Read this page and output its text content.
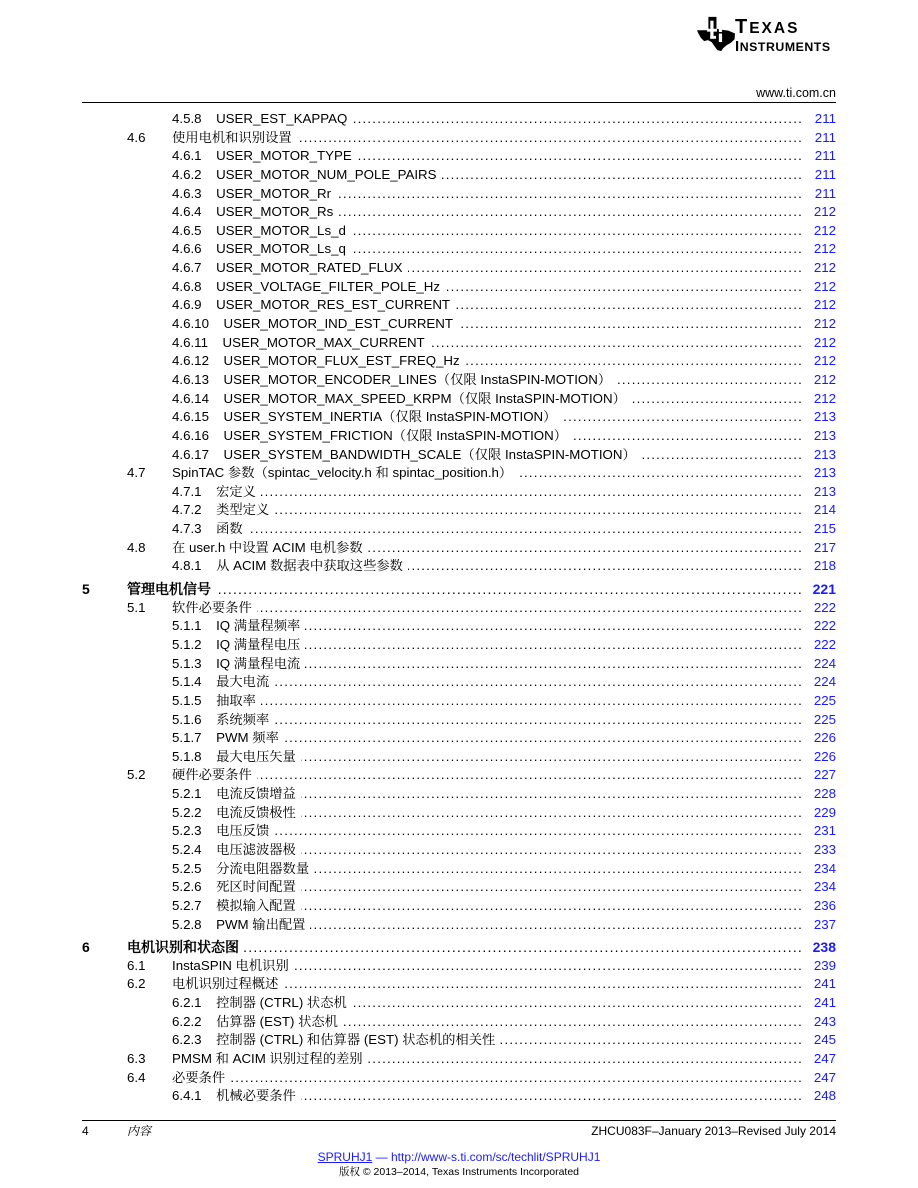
TEXAS
INSTRUMENTS
www.ti.com.cn
4.5.8 USER_EST_KAPPAQ .....	211
4.6	使用电机和识别设置 .....	211
4.6.1 USER_MOTOR_TYPE .....	211
4.6.2 USER_MOTOR_NUM_POLE_PAIRS .....	211
4.6.3 USER_MOTOR_Rr .....	211
4.6.4 USER_MOTOR_Rs .....	212
4.6.5 USER_MOTOR_Ls_d .....	212
4.6.6 USER_MOTOR_Ls_q .....	212
4.6.7 USER_MOTOR_RATED_FLUX .....	212
4.6.8 USER_VOLTAGE_FILTER_POLE_Hz .....	212
4.6.9 USER_MOTOR_RES_EST_CURRENT .....	212
4.6.10 USER_MOTOR_IND_EST_CURRENT .....	212
4.6.11 USER_MOTOR_MAX_CURRENT .....	212
4.6.12 USER_MOTOR_FLUX_EST_FREQ_Hz .....	212
4.6.13 USER_MOTOR_ENCODER_LINES（仅限 InstaSPIN-MOTION） .....	212
4.6.14 USER_MOTOR_MAX_SPEED_KRPM（仅限 InstaSPIN-MOTION） .....	212
4.6.15 USER_SYSTEM_INERTIA（仅限 InstaSPIN-MOTION） .....	213
4.6.16 USER_SYSTEM_FRICTION（仅限 InstaSPIN-MOTION） .....	213
4.6.17 USER_SYSTEM_BANDWIDTH_SCALE（仅限 InstaSPIN-MOTION） .....	213
4.7	SpinTAC 参数（spintac_velocity.h 和 spintac_position.h） .....	213
4.7.1 宏定义 .....	213
4.7.2 类型定义 .....	214
4.7.3 函数 .....	215
4.8	在 user.h 中设置 ACIM 电机参数 .....	217
4.8.1 从 ACIM 数据表中获取这些参数 .....	218
5	管理电机信号 .....	221
5.1	软件必要条件 .....	222
5.1.1 IQ 满量程频率 .....	222
5.1.2 IQ 满量程电压 .....	222
5.1.3 IQ 满量程电流 .....	224
5.1.4 最大电流 .....	224
5.1.5 抽取率 .....	225
5.1.6 系统频率 .....	225
5.1.7 PWM 频率 .....	226
5.1.8 最大电压矢量 .....	226
5.2	硬件必要条件 .....	227
5.2.1 电流反馈增益 .....	228
5.2.2 电流反馈极性 .....	229
5.2.3 电压反馈 .....	231
5.2.4 电压滤波器极 .....	233
5.2.5 分流电阻器数量 .....	234
5.2.6 死区时间配置 .....	234
5.2.7 模拟输入配置 .....	236
5.2.8 PWM 输出配置 .....	237
6	电机识别和状态图 .....	238
6.1	InstaSPIN 电机识别 .....	239
6.2	电机识别过程概述 .....	241
6.2.1 控制器 (CTRL) 状态机 .....	241
6.2.2 估算器 (EST) 状态机 .....	243
6.2.3 控制器 (CTRL) 和估算器 (EST) 状态机的相关性 .....	245
6.3	PMSM 和 ACIM 识别过程的差别 .....	247
6.4	必要条件 .....	247
6.4.1 机械必要条件 .....	248
4	内容	ZHCU083F–January 2013–Revised July 2014
SPRUHJ1 — http://www-s.ti.com/sc/techlit/SPRUHJ1
版权 © 2013–2014, Texas Instruments Incorporated
